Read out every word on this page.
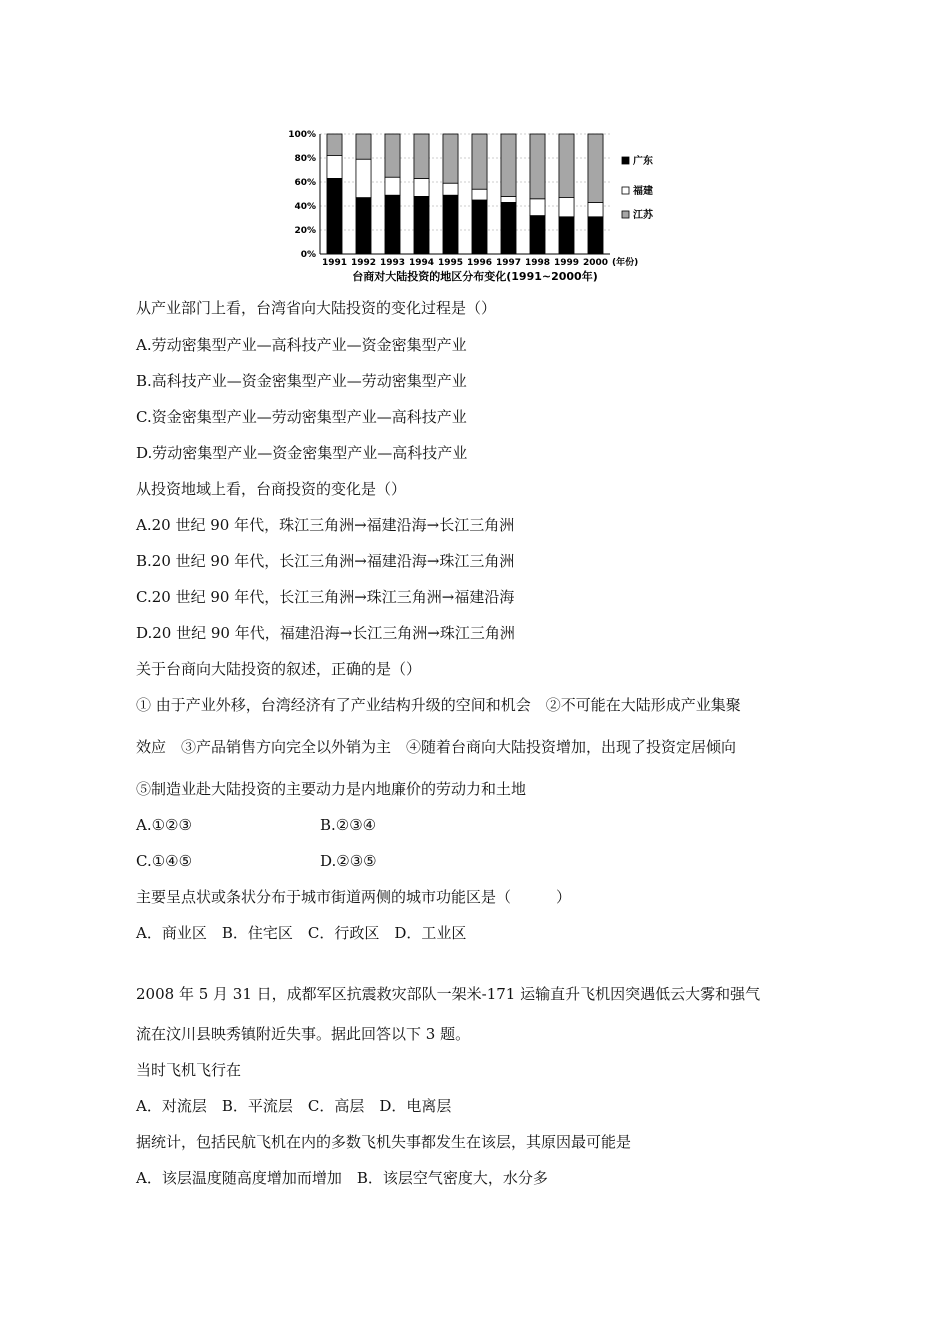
0%
20%
40%
60%
80%
100%
1991 1992 1993 1994 1995 1996 1997 1998 1999 2000 (年份)
广东
福建
江苏
台商对大陆投资的地区分布变化(1991~2000年)
从产业部门上看，台湾省向大陆投资的变化过程是（）
A.劳动密集型产业—高科技产业—资金密集型产业
B.高科技产业—资金密集型产业—劳动密集型产业
C.资金密集型产业—劳动密集型产业—高科技产业
D.劳动密集型产业—资金密集型产业—高科技产业
从投资地域上看，台商投资的变化是（）
A.20 世纪 90 年代，珠江三角洲→福建沿海→长江三角洲
B.20 世纪 90 年代，长江三角洲→福建沿海→珠江三角洲
C.20 世纪 90 年代，长江三角洲→珠江三角洲→福建沿海
D.20 世纪 90 年代，福建沿海→长江三角洲→珠江三角洲
关于台商向大陆投资的叙述，正确的是（）
① 由于产业外移，台湾经济有了产业结构升级的空间和机会　②不可能在大陆形成产业集聚
效应　③产品销售方向完全以外销为主　④随着台商向大陆投资增加，出现了投资定居倾向
⑤制造业赴大陆投资的主要动力是内地廉价的劳动力和土地
A.①②③	B.②③④
C.①④⑤	D.②③⑤
主要呈点状或条状分布于城市街道两侧的城市功能区是（　　　）
A．商业区　B．住宅区　C．行政区　D．工业区
2008 年 5 月 31 日，成都军区抗震救灾部队一架米-171 运输直升飞机因突遇低云大雾和强气
流在汶川县映秀镇附近失事。据此回答以下 3 题。
当时飞机飞行在
A．对流层　B．平流层　C．高层　D．电离层
据统计，包括民航飞机在内的多数飞机失事都发生在该层，其原因最可能是
A．该层温度随高度增加而增加　B．该层空气密度大，水分多
